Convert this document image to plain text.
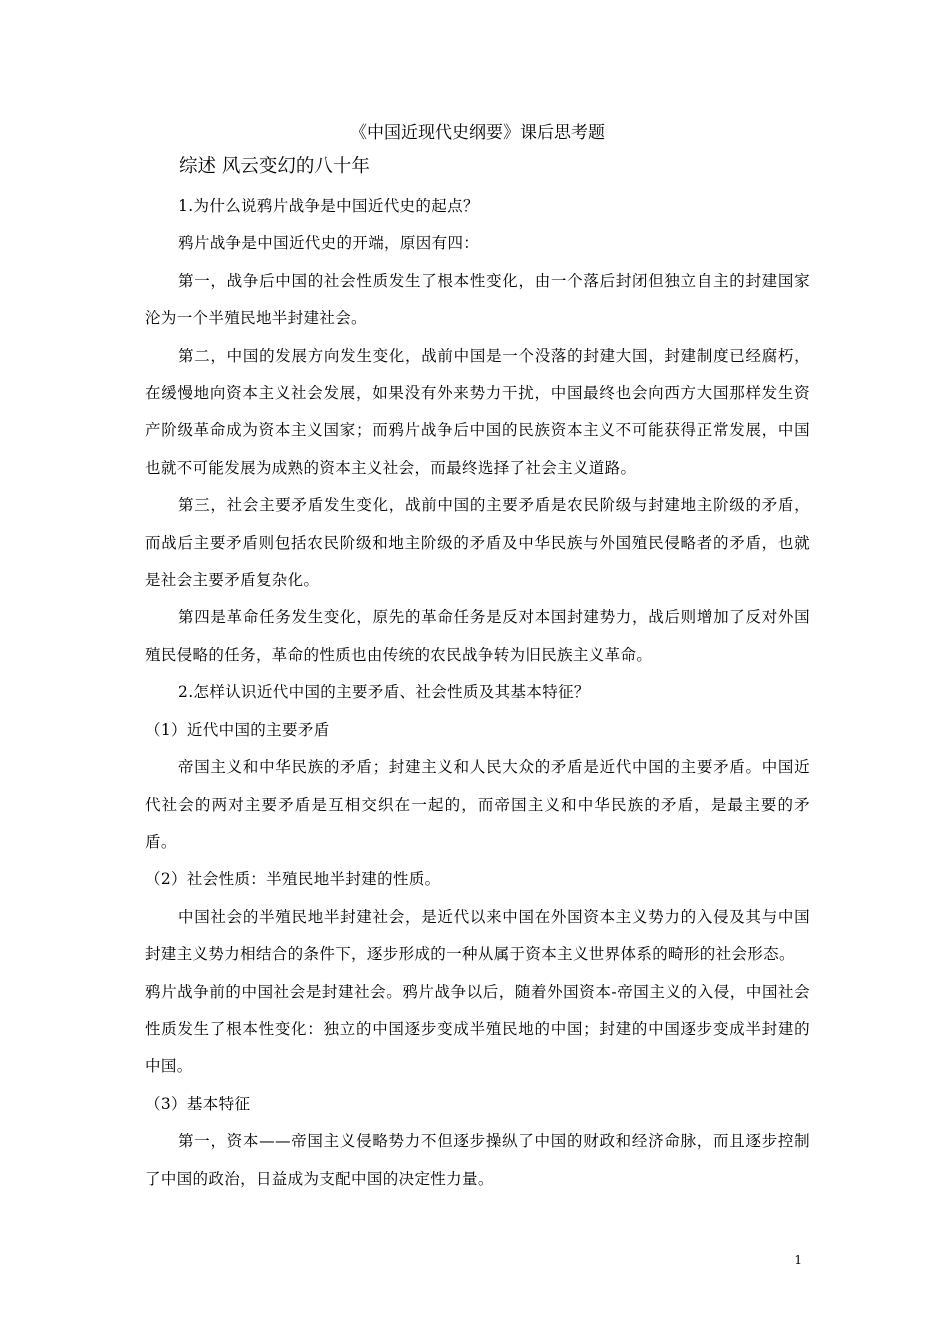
《中国近现代史纲要》课后思考题
综述 风云变幻的八十年

1.为什么说鸦片战争是中国近代史的起点？

鸦片战争是中国近代史的开端，原因有四：

第一，战争后中国的社会性质发生了根本性变化，由一个落后封闭但独立自主的封建国家沦为一个半殖民地半封建社会。

第二，中国的发展方向发生变化，战前中国是一个没落的封建大国，封建制度已经腐朽，在缓慢地向资本主义社会发展，如果没有外来势力干扰，中国最终也会向西方大国那样发生资产阶级革命成为资本主义国家；而鸦片战争后中国的民族资本主义不可能获得正常发展，中国也就不可能发展为成熟的资本主义社会，而最终选择了社会主义道路。

第三，社会主要矛盾发生变化，战前中国的主要矛盾是农民阶级与封建地主阶级的矛盾，而战后主要矛盾则包括农民阶级和地主阶级的矛盾及中华民族与外国殖民侵略者的矛盾，也就是社会主要矛盾复杂化。

第四是革命任务发生变化，原先的革命任务是反对本国封建势力，战后则增加了反对外国殖民侵略的任务，革命的性质也由传统的农民战争转为旧民族主义革命。

2.怎样认识近代中国的主要矛盾、社会性质及其基本特征？

（1）近代中国的主要矛盾

帝国主义和中华民族的矛盾；封建主义和人民大众的矛盾是近代中国的主要矛盾。中国近代社会的两对主要矛盾是互相交织在一起的，而帝国主义和中华民族的矛盾，是最主要的矛盾。

（2）社会性质：半殖民地半封建的性质。

中国社会的半殖民地半封建社会，是近代以来中国在外国资本主义势力的入侵及其与中国封建主义势力相结合的条件下，逐步形成的一种从属于资本主义世界体系的畸形的社会形态。

鸦片战争前的中国社会是封建社会。鸦片战争以后，随着外国资本-帝国主义的入侵，中国社会性质发生了根本性变化：独立的中国逐步变成半殖民地的中国；封建的中国逐步变成半封建的中国。

（3）基本特征

第一，资本——帝国主义侵略势力不但逐步操纵了中国的财政和经济命脉，而且逐步控制了中国的政治，日益成为支配中国的决定性力量。

1
